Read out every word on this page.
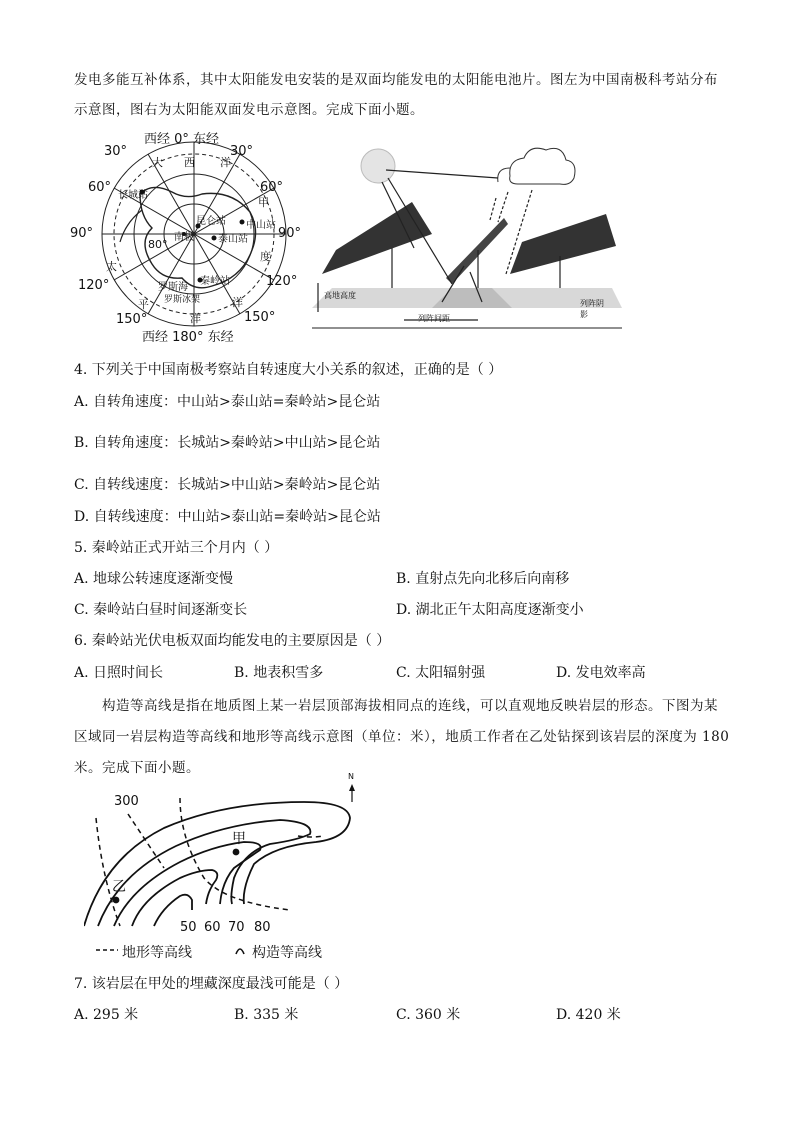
发电多能互补体系，其中太阳能发电安装的是双面均能发电的太阳能电池片。图左为中国南极科考站分布
示意图，图右为太阳能双面发电示意图。完成下面小题。
西经 0° 东经
西经 180° 东经
30°	30°
60°	60°
90°	90°
120°	120°
150°	150°
80°
大 西 洋
长城站
昆仑站 中山站
泰山站
南极
甲
度
秦岭站
太
罗斯海
平	洋
洋
罗斯冰架	高地高度
列阵间距
列阵阴影
4. 下列关于中国南极考察站自转速度大小关系的叙述，正确的是（ ）
A. 自转角速度：中山站>泰山站=秦岭站>昆仑站
B. 自转角速度：长城站>秦岭站>中山站>昆仑站
C. 自转线速度：长城站>中山站>秦岭站>昆仑站
D. 自转线速度：中山站>泰山站=秦岭站>昆仑站
5. 秦岭站正式开站三个月内（ ）
A. 地球公转速度逐渐变慢	B. 直射点先向北移后向南移
C. 秦岭站白昼时间逐渐变长	D. 湖北正午太阳高度逐渐变小
6. 秦岭站光伏电板双面均能发电的主要原因是（ ）
A. 日照时间长	B. 地表积雪多	C. 太阳辐射强	D. 发电效率高
构造等高线是指在地质图上某一岩层顶部海拔相同点的连线，可以直观地反映岩层的形态。下图为某
区域同一岩层构造等高线和地形等高线示意图（单位：米），地质工作者在乙处钻探到该岩层的深度为 180
米。完成下面小题。
300
甲
乙
N
50 60 70 80
地形等高线	构造等高线
7. 该岩层在甲处的埋藏深度最浅可能是（ ）
A. 295 米	B. 335 米	C. 360 米	D. 420 米
